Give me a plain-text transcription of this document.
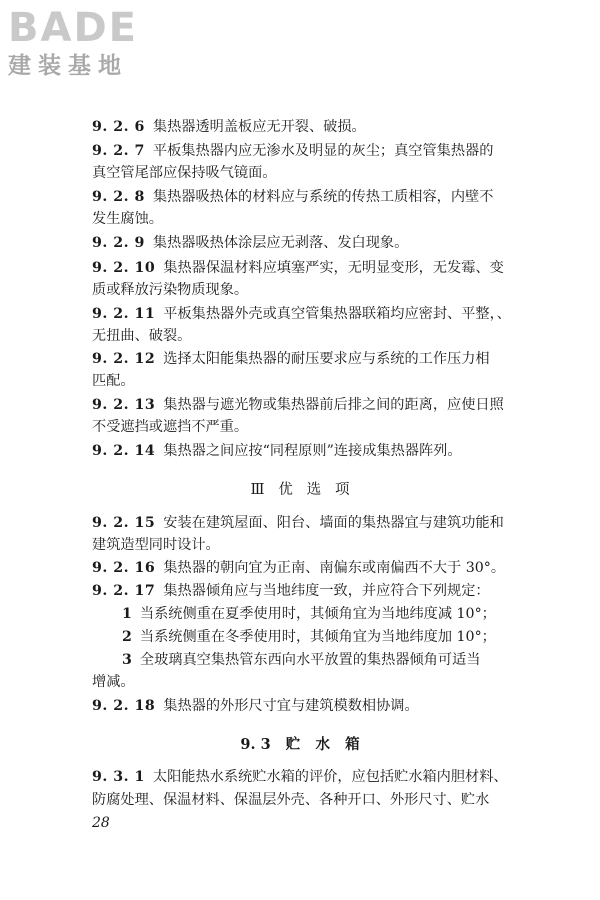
BADE
建装基地
9. 2. 6 集热器透明盖板应无开裂、破损。
9. 2. 7 平板集热器内应无渗水及明显的灰尘；真空管集热器的
真空管尾部应保持吸气镜面。
9. 2. 8 集热器吸热体的材料应与系统的传热工质相容，内壁不
发生腐蚀。
9. 2. 9 集热器吸热体涂层应无剥落、发白现象。
9. 2. 10 集热器保温材料应填塞严实，无明显变形，无发霉、变
质或释放污染物质现象。
9. 2. 11 平板集热器外壳或真空管集热器联箱均应密封、平整，、
无扭曲、破裂。
9. 2. 12 选择太阳能集热器的耐压要求应与系统的工作压力相
匹配。
9. 2. 13 集热器与遮光物或集热器前后排之间的距离，应使日照
不受遮挡或遮挡不严重。
9. 2. 14 集热器之间应按“同程原则”连接成集热器阵列。
Ⅲ   优   选   项
9. 2. 15 安装在建筑屋面、阳台、墙面的集热器宜与建筑功能和
建筑造型同时设计。
9. 2. 16 集热器的朝向宜为正南、南偏东或南偏西不大于 30°。
9. 2. 17 集热器倾角应与当地纬度一致，并应符合下列规定：
1 当系统侧重在夏季使用时，其倾角宜为当地纬度减 10°；
2 当系统侧重在冬季使用时，其倾角宜为当地纬度加 10°；
3 全玻璃真空集热管东西向水平放置的集热器倾角可适当
增减。
9. 2. 18 集热器的外形尺寸宜与建筑模数相协调。
9. 3   贮   水   箱
9. 3. 1 太阳能热水系统贮水箱的评价，应包括贮水箱内胆材料、
防腐处理、保温材料、保温层外壳、各种开口、外形尺寸、贮水
28
